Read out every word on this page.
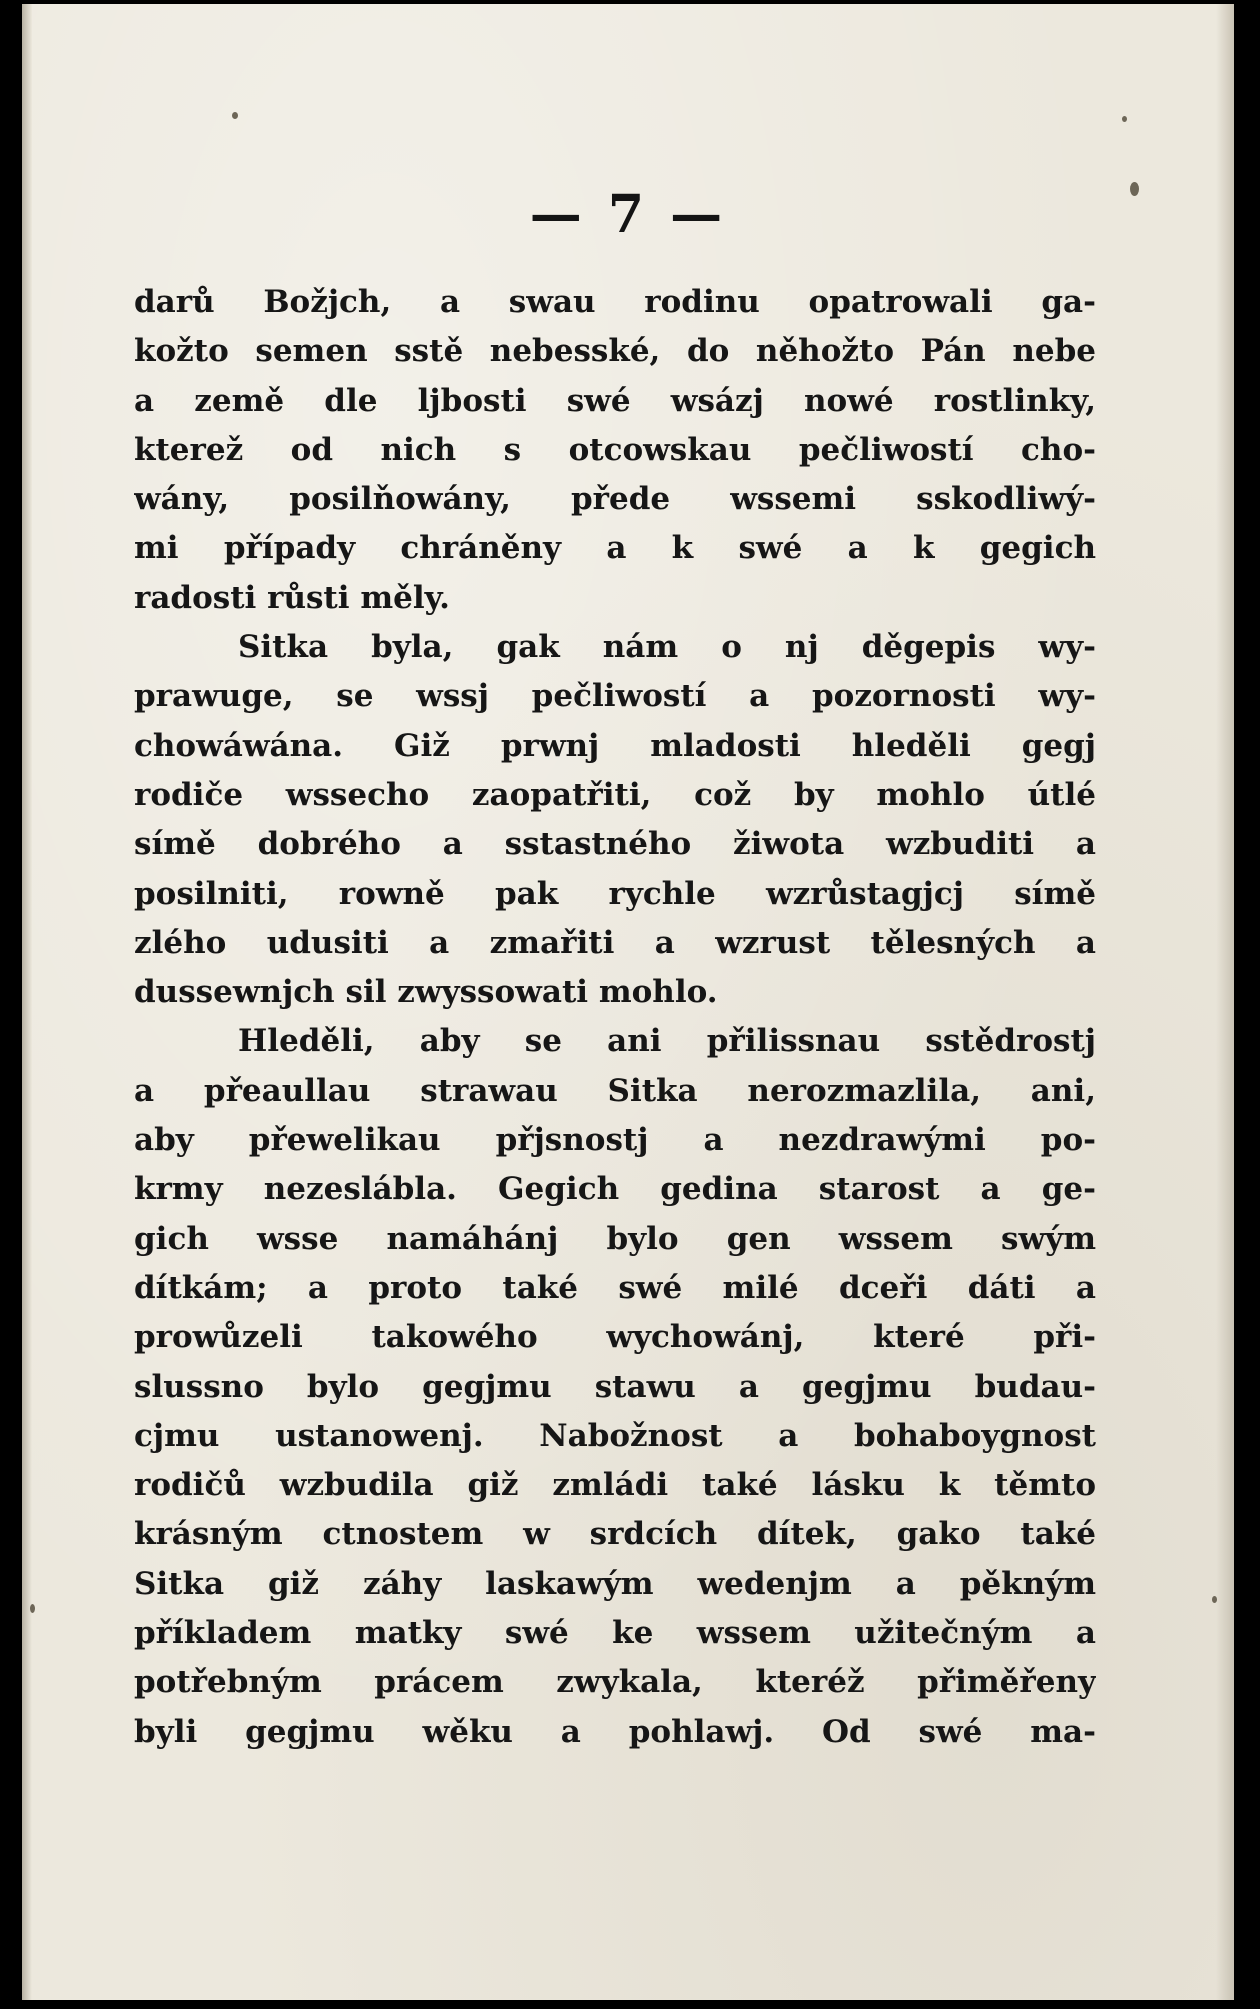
— 7 —
darů Božjch, a swau rodinu opatrowali ga-
kožto semen sstě nebesské, do něhožto Pán nebe
a země dle ljbosti swé wsázj nowé rostlinky,
kterež od nich s otcowskau pečliwostí cho-
wány, posilňowány, přede wssemi sskodliwý-
mi případy chráněny a k swé a k gegich
radosti růsti měly.
Sitka byla, gak nám o nj děgepis wy-
prawuge, se wssj pečliwostí a pozornosti wy-
chowáwána. Giž prwnj mladosti hleděli gegj
rodiče wssecho zaopatřiti, což by mohlo útlé
símě dobrého a sstastného žiwota wzbuditi a
posilniti, rowně pak rychle wzrůstagjcj símě
zlého udusiti a zmařiti a wzrust tělesných a
dussewnjch sil zwyssowati mohlo.
Hleděli, aby se ani přilissnau sstědrostj
a přeaullau strawau Sitka nerozmazlila, ani,
aby přewelikau přjsnostj a nezdrawými po-
krmy nezeslábla. Gegich gedina starost a ge-
gich wsse namáhánj bylo gen wssem swým
dítkám; a proto také swé milé dceři dáti a
prowůzeli takowého wychowánj, které při-
slussno bylo gegjmu stawu a gegjmu budau-
cjmu ustanowenj. Nabožnost a bohaboygnost
rodičů wzbudila giž zmládi také lásku k těmto
krásným ctnostem w srdcích dítek, gako také
Sitka giž záhy laskawým wedenjm a pěkným
příkladem matky swé ke wssem užitečným a
potřebným prácem zwykala, kteréž přiměřeny
byli gegjmu wěku a pohlawj. Od swé ma-
